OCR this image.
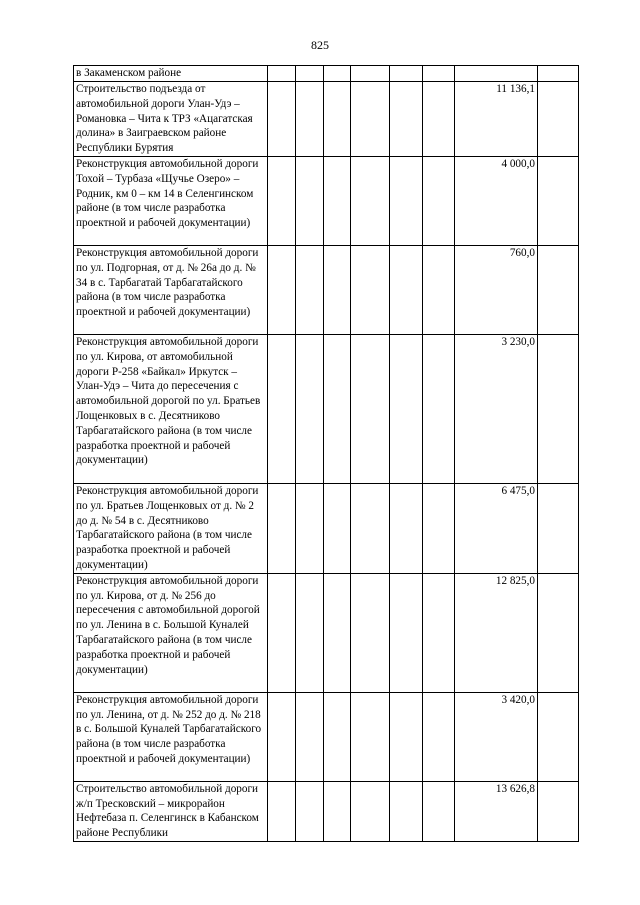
825
в Закаменском районе								
Строительство подъезда от автомобильной дороги Улан-Удэ – Романовка – Чита к ТРЗ «Ацагатская долина» в Заиграевском районе Республики Бурятия							11 136,1	
Реконструкция автомобильной дороги Тохой – Турбаза «Щучье Озеро» – Родник, км 0 – км 14 в Селенгинском районе (в том числе разработка проектной и рабочей документации)							4 000,0	
Реконструкция автомобильной дороги по ул. Подгорная, от д. № 26а до д. № 34 в с. Тарбагатай Тарбагатайского района (в том числе разработка проектной и рабочей документации)							760,0	
Реконструкция автомобильной дороги по ул. Кирова, от автомобильной дороги Р-258 «Байкал» Иркутск – Улан-Удэ – Чита до пересечения с автомобильной дорогой по ул. Братьев Лощенковых в с. Десятниково Тарбагатайского района (в том числе разработка проектной и рабочей документации)							3 230,0	
Реконструкция автомобильной дороги по ул. Братьев Лощенковых от д. № 2 до д. № 54 в с. Десятниково Тарбагатайского района (в том числе разработка проектной и рабочей документации)							6 475,0	
Реконструкция автомобильной дороги по ул. Кирова, от д. № 256 до пересечения с автомобильной дорогой по ул. Ленина в с. Большой Куналей Тарбагатайского района (в том числе разработка проектной и рабочей документации)							12 825,0	
Реконструкция автомобильной дороги по ул. Ленина, от д. № 252 до д. № 218 в с. Большой Куналей Тарбагатайского района (в том числе разработка проектной и рабочей документации)							3 420,0	
Строительство автомобильной дороги ж/п Тресковский – микрорайон Нефтебаза п. Селенгинск в Кабанском районе Республики							13 626,8	
